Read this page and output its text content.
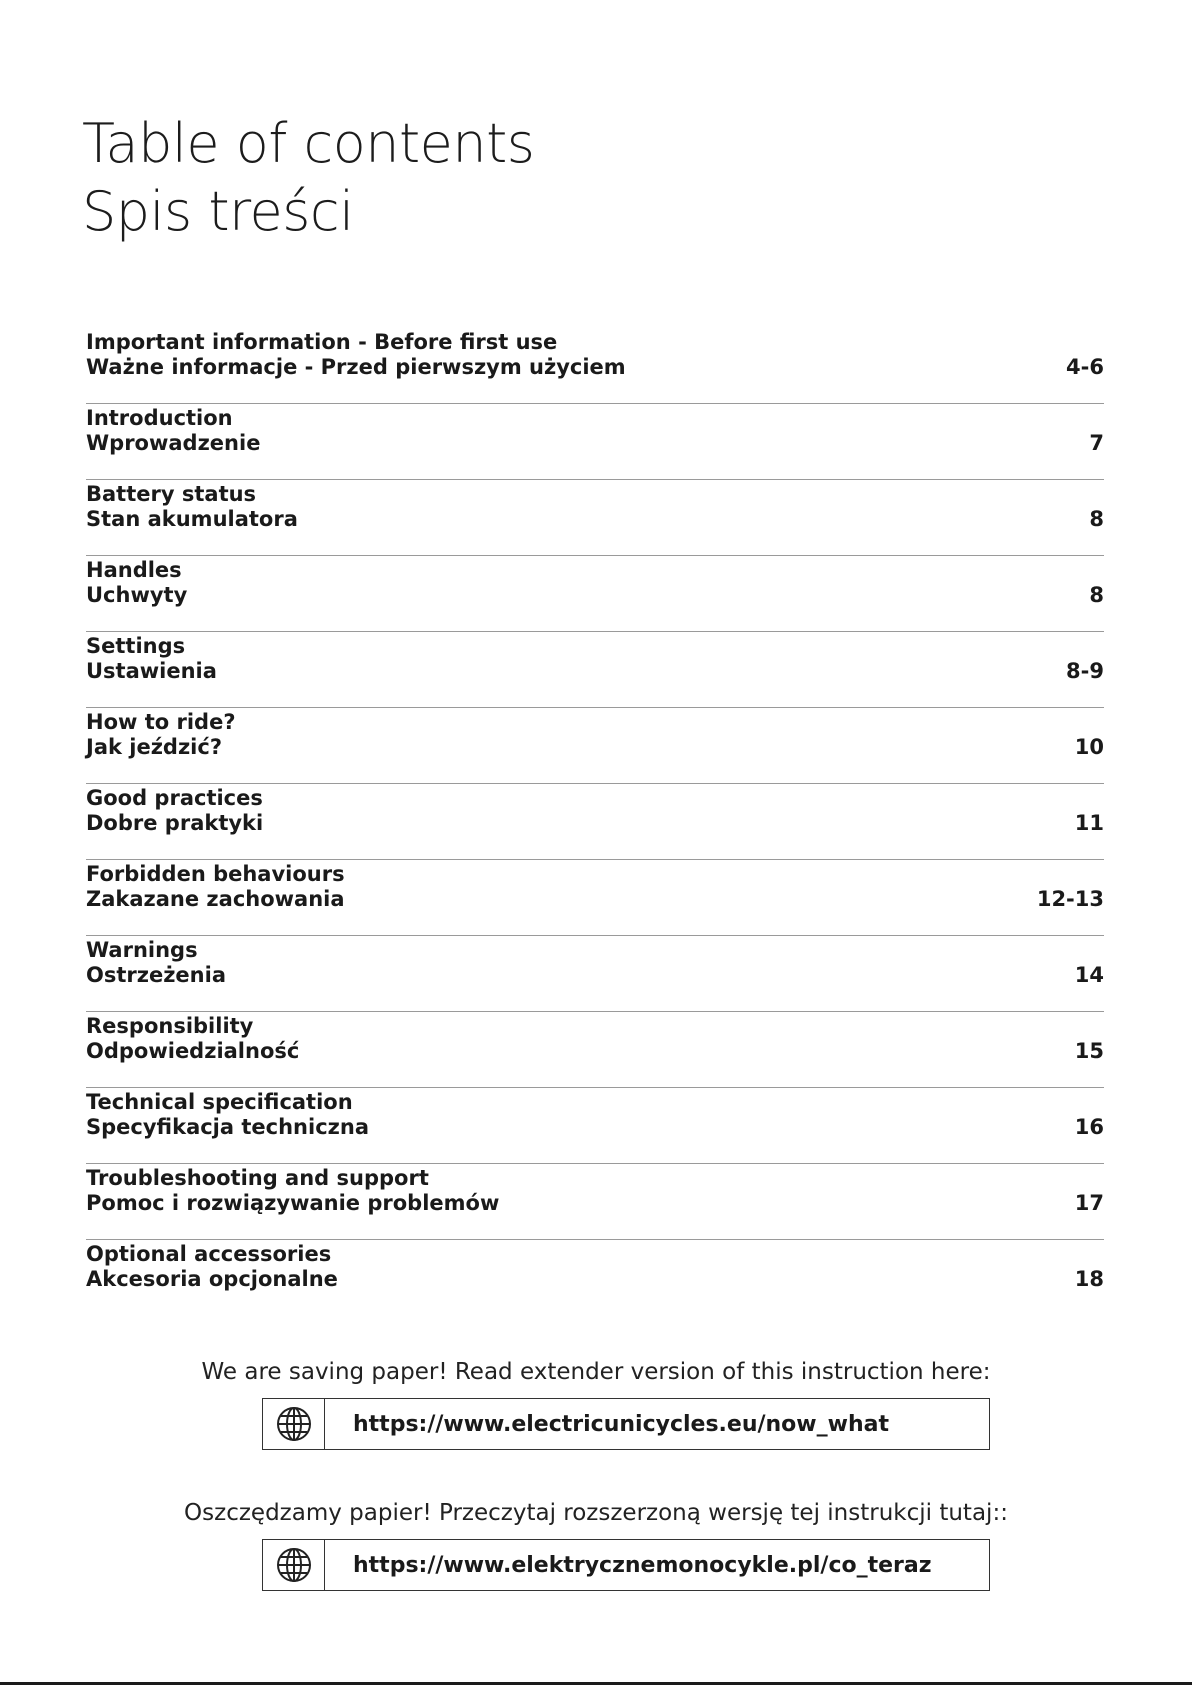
Table of contents
Spis treści
Important information - Before first use
Ważne informacje - Przed pierwszym użyciem	4-6
Introduction
Wprowadzenie	7
Battery status
Stan akumulatora	8
Handles
Uchwyty	8
Settings
Ustawienia	8-9
How to ride?
Jak jeździć?	10
Good practices
Dobre praktyki	11
Forbidden behaviours
Zakazane zachowania	12-13
Warnings
Ostrzeżenia	14
Responsibility
Odpowiedzialność	15
Technical specification
Specyfikacja techniczna	16
Troubleshooting and support
Pomoc i rozwiązywanie problemów	17
Optional accessories
Akcesoria opcjonalne	18
We are saving paper! Read extender version of this instruction here:
https://www.electricunicycles.eu/now_what
Oszczędzamy papier! Przeczytaj rozszerzoną wersję tej instrukcji tutaj::
https://www.elektrycznemonocykle.pl/co_teraz
